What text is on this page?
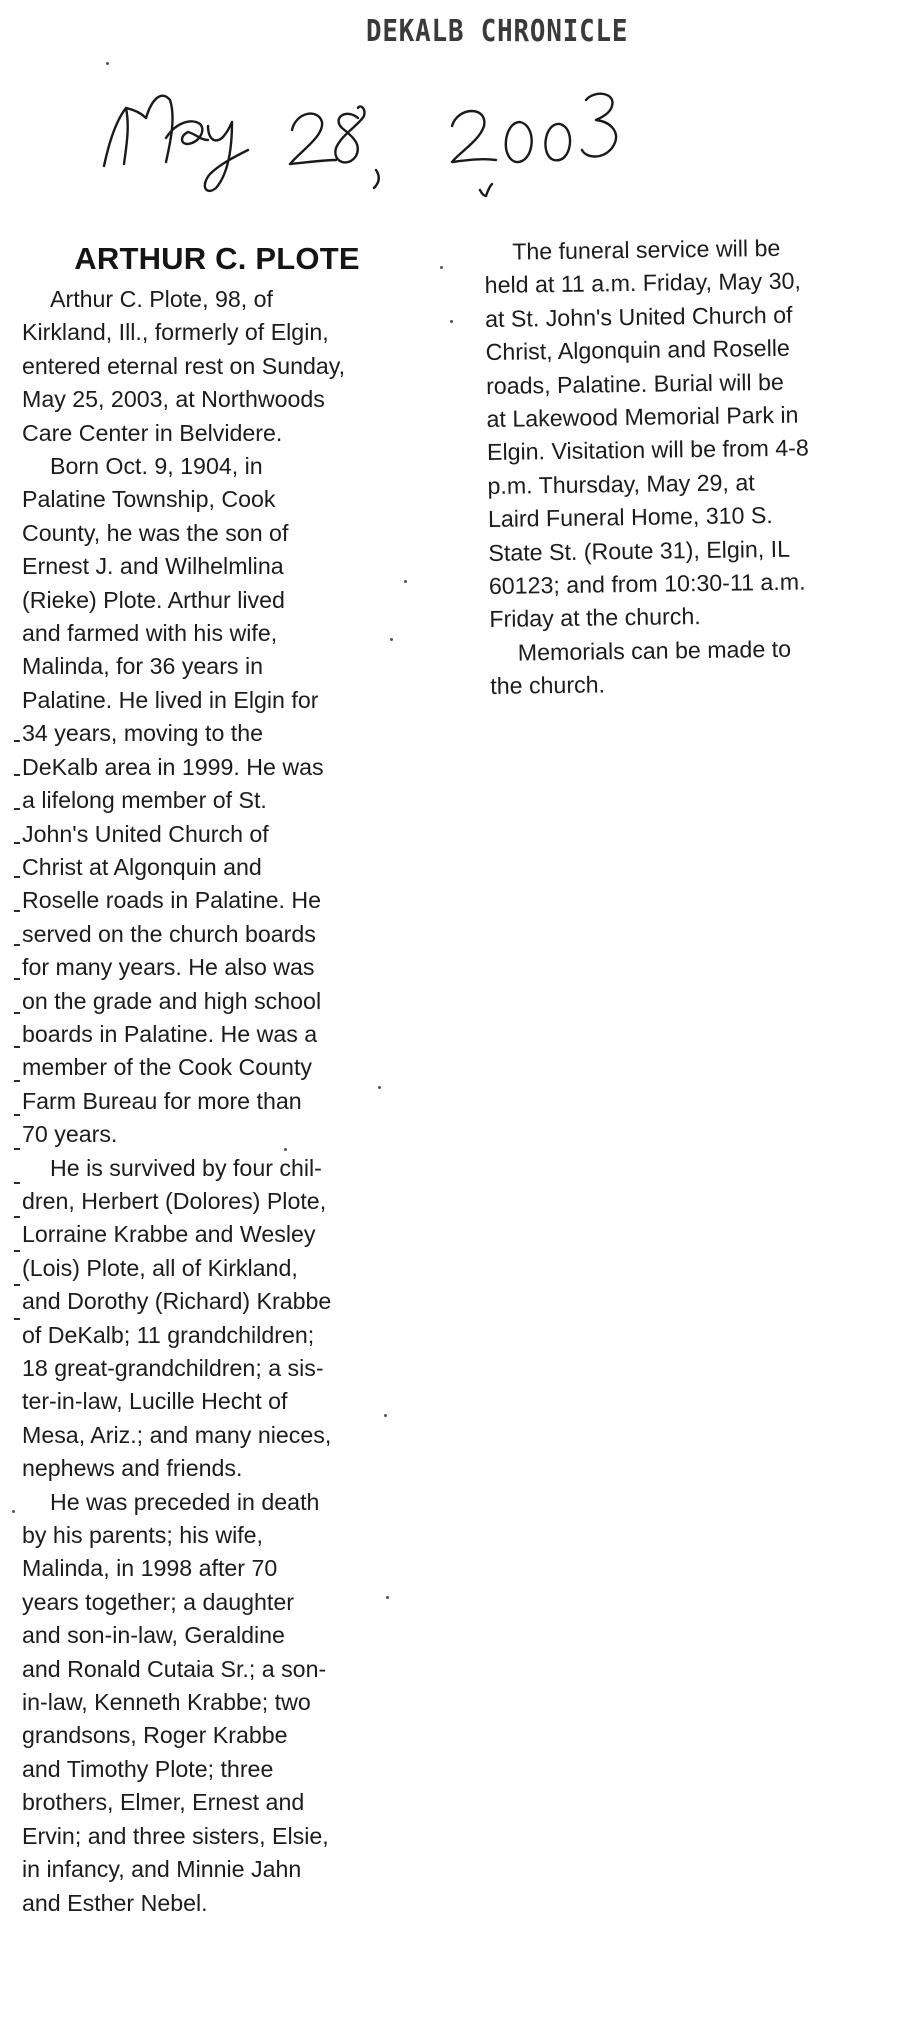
DEKALB CHRONICLE
ARTHUR C. PLOTE

Arthur C. Plote, 98, of
Kirkland, Ill., formerly of Elgin,
entered eternal rest on Sunday,
May 25, 2003, at Northwoods
Care Center in Belvidere.

Born Oct. 9, 1904, in
Palatine Township, Cook
County, he was the son of
Ernest J. and Wilhelmlina
(Rieke) Plote. Arthur lived
and farmed with his wife,
Malinda, for 36 years in
Palatine. He lived in Elgin for
34 years, moving to the
DeKalb area in 1999. He was
a lifelong member of St.
John's United Church of
Christ at Algonquin and
Roselle roads in Palatine. He
served on the church boards
for many years. He also was
on the grade and high school
boards in Palatine. He was a
member of the Cook County
Farm Bureau for more than
70 years.

He is survived by four chil-
dren, Herbert (Dolores) Plote,
Lorraine Krabbe and Wesley
(Lois) Plote, all of Kirkland,
and Dorothy (Richard) Krabbe
of DeKalb; 11 grandchildren;
18 great-grandchildren; a sis-
ter-in-law, Lucille Hecht of
Mesa, Ariz.; and many nieces,
nephews and friends.

He was preceded in death
by his parents; his wife,
Malinda, in 1998 after 70
years together; a daughter
and son-in-law, Geraldine
and Ronald Cutaia Sr.; a son-
in-law, Kenneth Krabbe; two
grandsons, Roger Krabbe
and Timothy Plote; three
brothers, Elmer, Ernest and
Ervin; and three sisters, Elsie,
in infancy, and Minnie Jahn
and Esther Nebel.

The funeral service will be
held at 11 a.m. Friday, May 30,
at St. John's United Church of
Christ, Algonquin and Roselle
roads, Palatine. Burial will be
at Lakewood Memorial Park in
Elgin. Visitation will be from 4-8
p.m. Thursday, May 29, at
Laird Funeral Home, 310 S.
State St. (Route 31), Elgin, IL
60123; and from 10:30-11 a.m.
Friday at the church.

Memorials can be made to
the church.
